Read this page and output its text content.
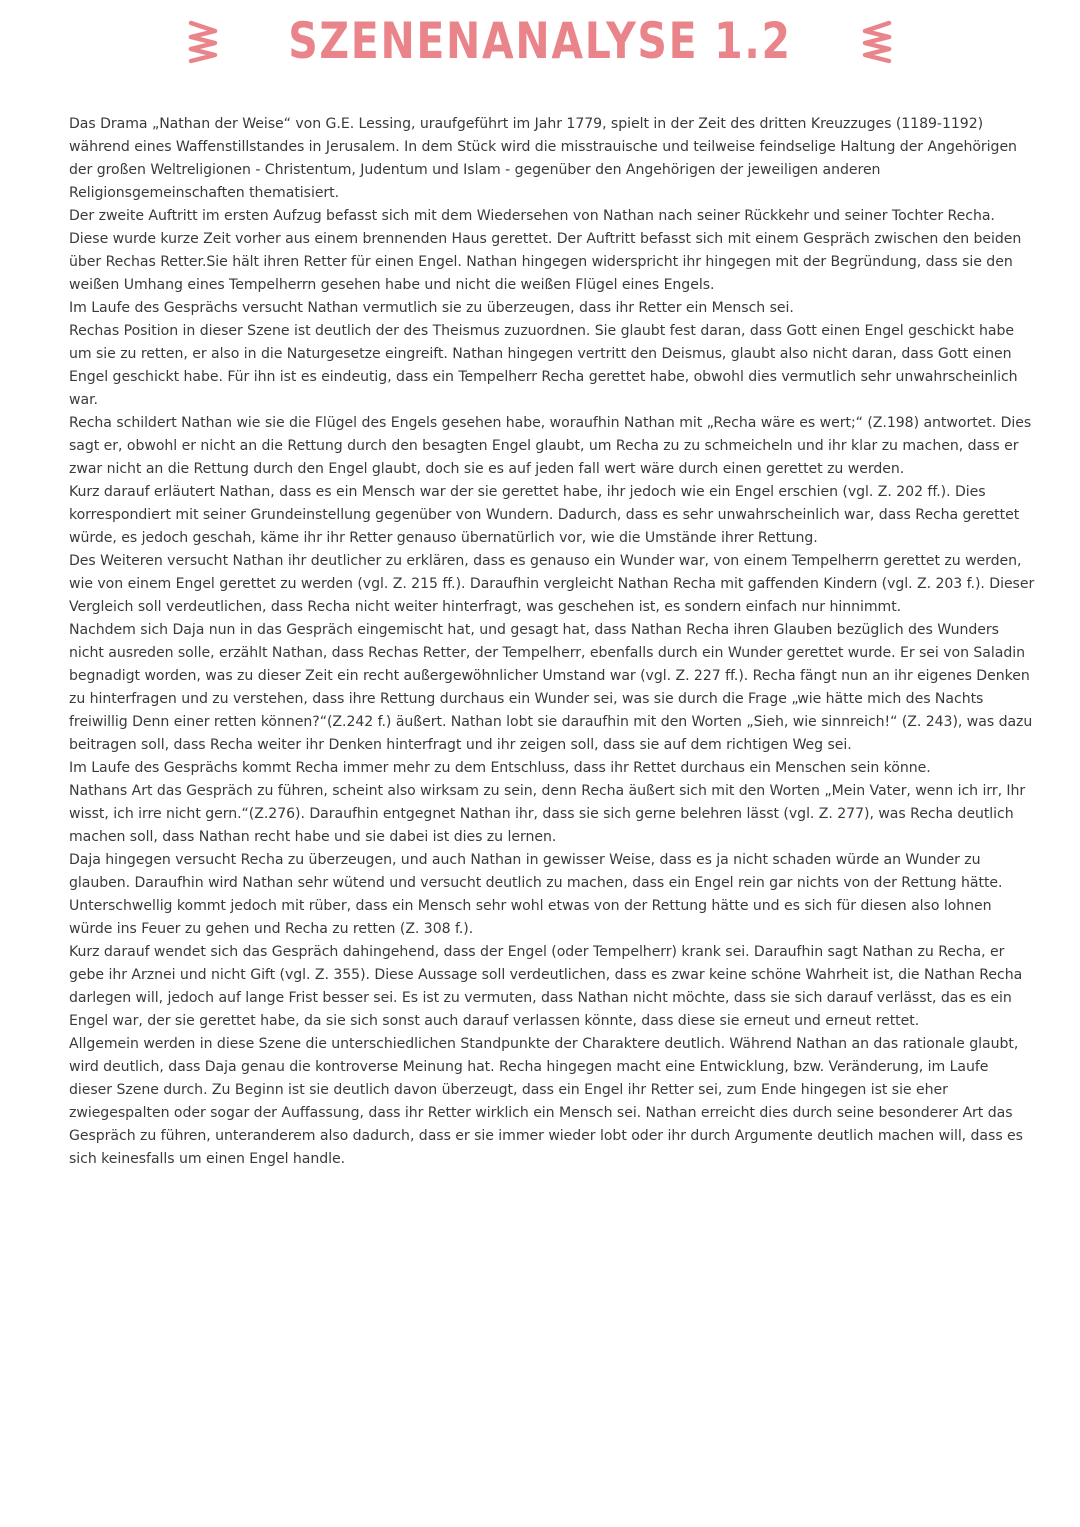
SZENENANALYSE 1.2

Das Drama „Nathan der Weise“ von G.E. Lessing, uraufgeführt im Jahr 1779, spielt in der Zeit des dritten Kreuzzuges (1189-1192) während eines Waffenstillstandes in Jerusalem. In dem Stück wird die misstrauische und teilweise feindselige Haltung der Angehörigen der großen Weltreligionen - Christentum, Judentum und Islam - gegenüber den Angehörigen der jeweiligen anderen Religionsgemeinschaften thematisiert.

Der zweite Auftritt im ersten Aufzug befasst sich mit dem Wiedersehen von Nathan nach seiner Rückkehr und seiner Tochter Recha. Diese wurde kurze Zeit vorher aus einem brennenden Haus gerettet. Der Auftritt befasst sich mit einem Gespräch zwischen den beiden über Rechas Retter.Sie hält ihren Retter für einen Engel. Nathan hingegen widerspricht ihr hingegen mit der Begründung, dass sie den weißen Umhang eines Tempelherrn gesehen habe und nicht die weißen Flügel eines Engels.

Im Laufe des Gesprächs versucht Nathan vermutlich sie zu überzeugen, dass ihr Retter ein Mensch sei.

Rechas Position in dieser Szene ist deutlich der des Theismus zuzuordnen. Sie glaubt fest daran, dass Gott einen Engel geschickt habe um sie zu retten, er also in die Naturgesetze eingreift. Nathan hingegen vertritt den Deismus, glaubt also nicht daran, dass Gott einen Engel geschickt habe. Für ihn ist es eindeutig, dass ein Tempelherr Recha gerettet habe, obwohl dies vermutlich sehr unwahrscheinlich war.

Recha schildert Nathan wie sie die Flügel des Engels gesehen habe, woraufhin Nathan mit „Recha wäre es wert;“ (Z.198) antwortet. Dies sagt er, obwohl er nicht an die Rettung durch den besagten Engel glaubt, um Recha zu zu schmeicheln und ihr klar zu machen, dass er zwar nicht an die Rettung durch den Engel glaubt, doch sie es auf jeden fall wert wäre durch einen gerettet zu werden.

Kurz darauf erläutert Nathan, dass es ein Mensch war der sie gerettet habe, ihr jedoch wie ein Engel erschien (vgl. Z. 202 ff.). Dies korrespondiert mit seiner Grundeinstellung gegenüber von Wundern. Dadurch, dass es sehr unwahrscheinlich war, dass Recha gerettet würde, es jedoch geschah, käme ihr ihr Retter genauso übernatürlich vor, wie die Umstände ihrer Rettung.

Des Weiteren versucht Nathan ihr deutlicher zu erklären, dass es genauso ein Wunder war, von einem Tempelherrn gerettet zu werden, wie von einem Engel gerettet zu werden (vgl. Z. 215 ff.). Daraufhin vergleicht Nathan Recha mit gaffenden Kindern (vgl. Z. 203 f.). Dieser Vergleich soll verdeutlichen, dass Recha nicht weiter hinterfragt, was geschehen ist, es sondern einfach nur hinnimmt.

Nachdem sich Daja nun in das Gespräch eingemischt hat, und gesagt hat, dass Nathan Recha ihren Glauben bezüglich des Wunders nicht ausreden solle, erzählt Nathan, dass Rechas Retter, der Tempelherr, ebenfalls durch ein Wunder gerettet wurde. Er sei von Saladin begnadigt worden, was zu dieser Zeit ein recht außergewöhnlicher Umstand war (vgl. Z. 227 ff.). Recha fängt nun an ihr eigenes Denken zu hinterfragen und zu verstehen, dass ihre Rettung durchaus ein Wunder sei, was sie durch die Frage „wie hätte mich des Nachts freiwillig Denn einer retten können?“(Z.242 f.) äußert. Nathan lobt sie daraufhin mit den Worten „Sieh, wie sinnreich!“ (Z. 243), was dazu beitragen soll, dass Recha weiter ihr Denken hinterfragt und ihr zeigen soll, dass sie auf dem richtigen Weg sei.

Im Laufe des Gesprächs kommt Recha immer mehr zu dem Entschluss, dass ihr Rettet durchaus ein Menschen sein könne.

Nathans Art das Gespräch zu führen, scheint also wirksam zu sein, denn Recha äußert sich mit den Worten „Mein Vater, wenn ich irr, Ihr wisst, ich irre nicht gern.“(Z.276). Daraufhin entgegnet Nathan ihr, dass sie sich gerne belehren lässt (vgl. Z. 277), was Recha deutlich machen soll, dass Nathan recht habe und sie dabei ist dies zu lernen.

Daja hingegen versucht Recha zu überzeugen, und auch Nathan in gewisser Weise, dass es ja nicht schaden würde an Wunder zu glauben. Daraufhin wird Nathan sehr wütend und versucht deutlich zu machen, dass ein Engel rein gar nichts von der Rettung hätte. Unterschwellig kommt jedoch mit rüber, dass ein Mensch sehr wohl etwas von der Rettung hätte und es sich für diesen also lohnen würde ins Feuer zu gehen und Recha zu retten (Z. 308 f.).

Kurz darauf wendet sich das Gespräch dahingehend, dass der Engel (oder Tempelherr) krank sei. Daraufhin sagt Nathan zu Recha, er gebe ihr Arznei und nicht Gift (vgl. Z. 355). Diese Aussage soll verdeutlichen, dass es zwar keine schöne Wahrheit ist, die Nathan Recha darlegen will, jedoch auf lange Frist besser sei. Es ist zu vermuten, dass Nathan nicht möchte, dass sie sich darauf verlässt, das es ein Engel war, der sie gerettet habe, da sie sich sonst auch darauf verlassen könnte, dass diese sie erneut und erneut rettet.

Allgemein werden in diese Szene die unterschiedlichen Standpunkte der Charaktere deutlich. Während Nathan an das rationale glaubt, wird deutlich, dass Daja genau die kontroverse Meinung hat. Recha hingegen macht eine Entwicklung, bzw. Veränderung, im Laufe dieser Szene durch. Zu Beginn ist sie deutlich davon überzeugt, dass ein Engel ihr Retter sei, zum Ende hingegen ist sie eher zwiegespalten oder sogar der Auffassung, dass ihr Retter wirklich ein Mensch sei. Nathan erreicht dies durch seine besonderer Art das Gespräch zu führen, unteranderem also dadurch, dass er sie immer wieder lobt oder ihr durch Argumente deutlich machen will, dass es sich keinesfalls um einen Engel handle.
